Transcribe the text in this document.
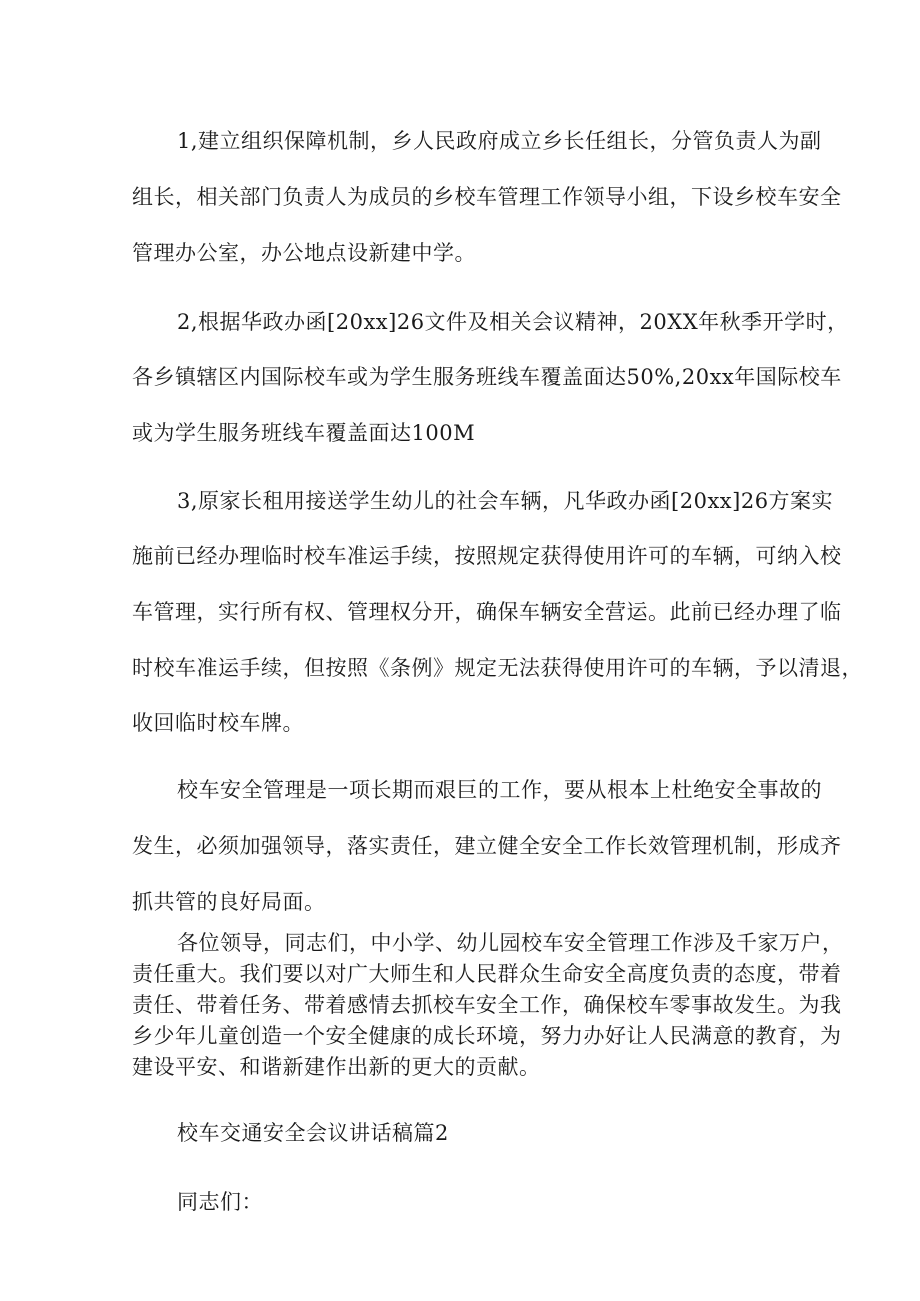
1,建立组织保障机制，乡人民政府成立乡长任组长，分管负责人为副
组长，相关部门负责人为成员的乡校车管理工作领导小组，下设乡校车安全
管理办公室，办公地点设新建中学。
2,根据华政办函[20xx]26文件及相关会议精神，20XX年秋季开学时，
各乡镇辖区内国际校车或为学生服务班线车覆盖面达50%,20xx年国际校车
或为学生服务班线车覆盖面达100M
3,原家长租用接送学生幼儿的社会车辆，凡华政办函[20xx]26方案实
施前已经办理临时校车准运手续，按照规定获得使用许可的车辆，可纳入校
车管理，实行所有权、管理权分开，确保车辆安全营运。此前已经办理了临
时校车准运手续，但按照《条例》规定无法获得使用许可的车辆，予以清退，
收回临时校车牌。
校车安全管理是一项长期而艰巨的工作，要从根本上杜绝安全事故的
发生，必须加强领导，落实责任，建立健全安全工作长效管理机制，形成齐
抓共管的良好局面。
各位领导，同志们，中小学、幼儿园校车安全管理工作涉及千家万户，
责任重大。我们要以对广大师生和人民群众生命安全高度负责的态度，带着
责任、带着任务、带着感情去抓校车安全工作，确保校车零事故发生。为我
乡少年儿童创造一个安全健康的成长环境，努力办好让人民满意的教育，为
建设平安、和谐新建作出新的更大的贡献。
校车交通安全会议讲话稿篇2
同志们：
